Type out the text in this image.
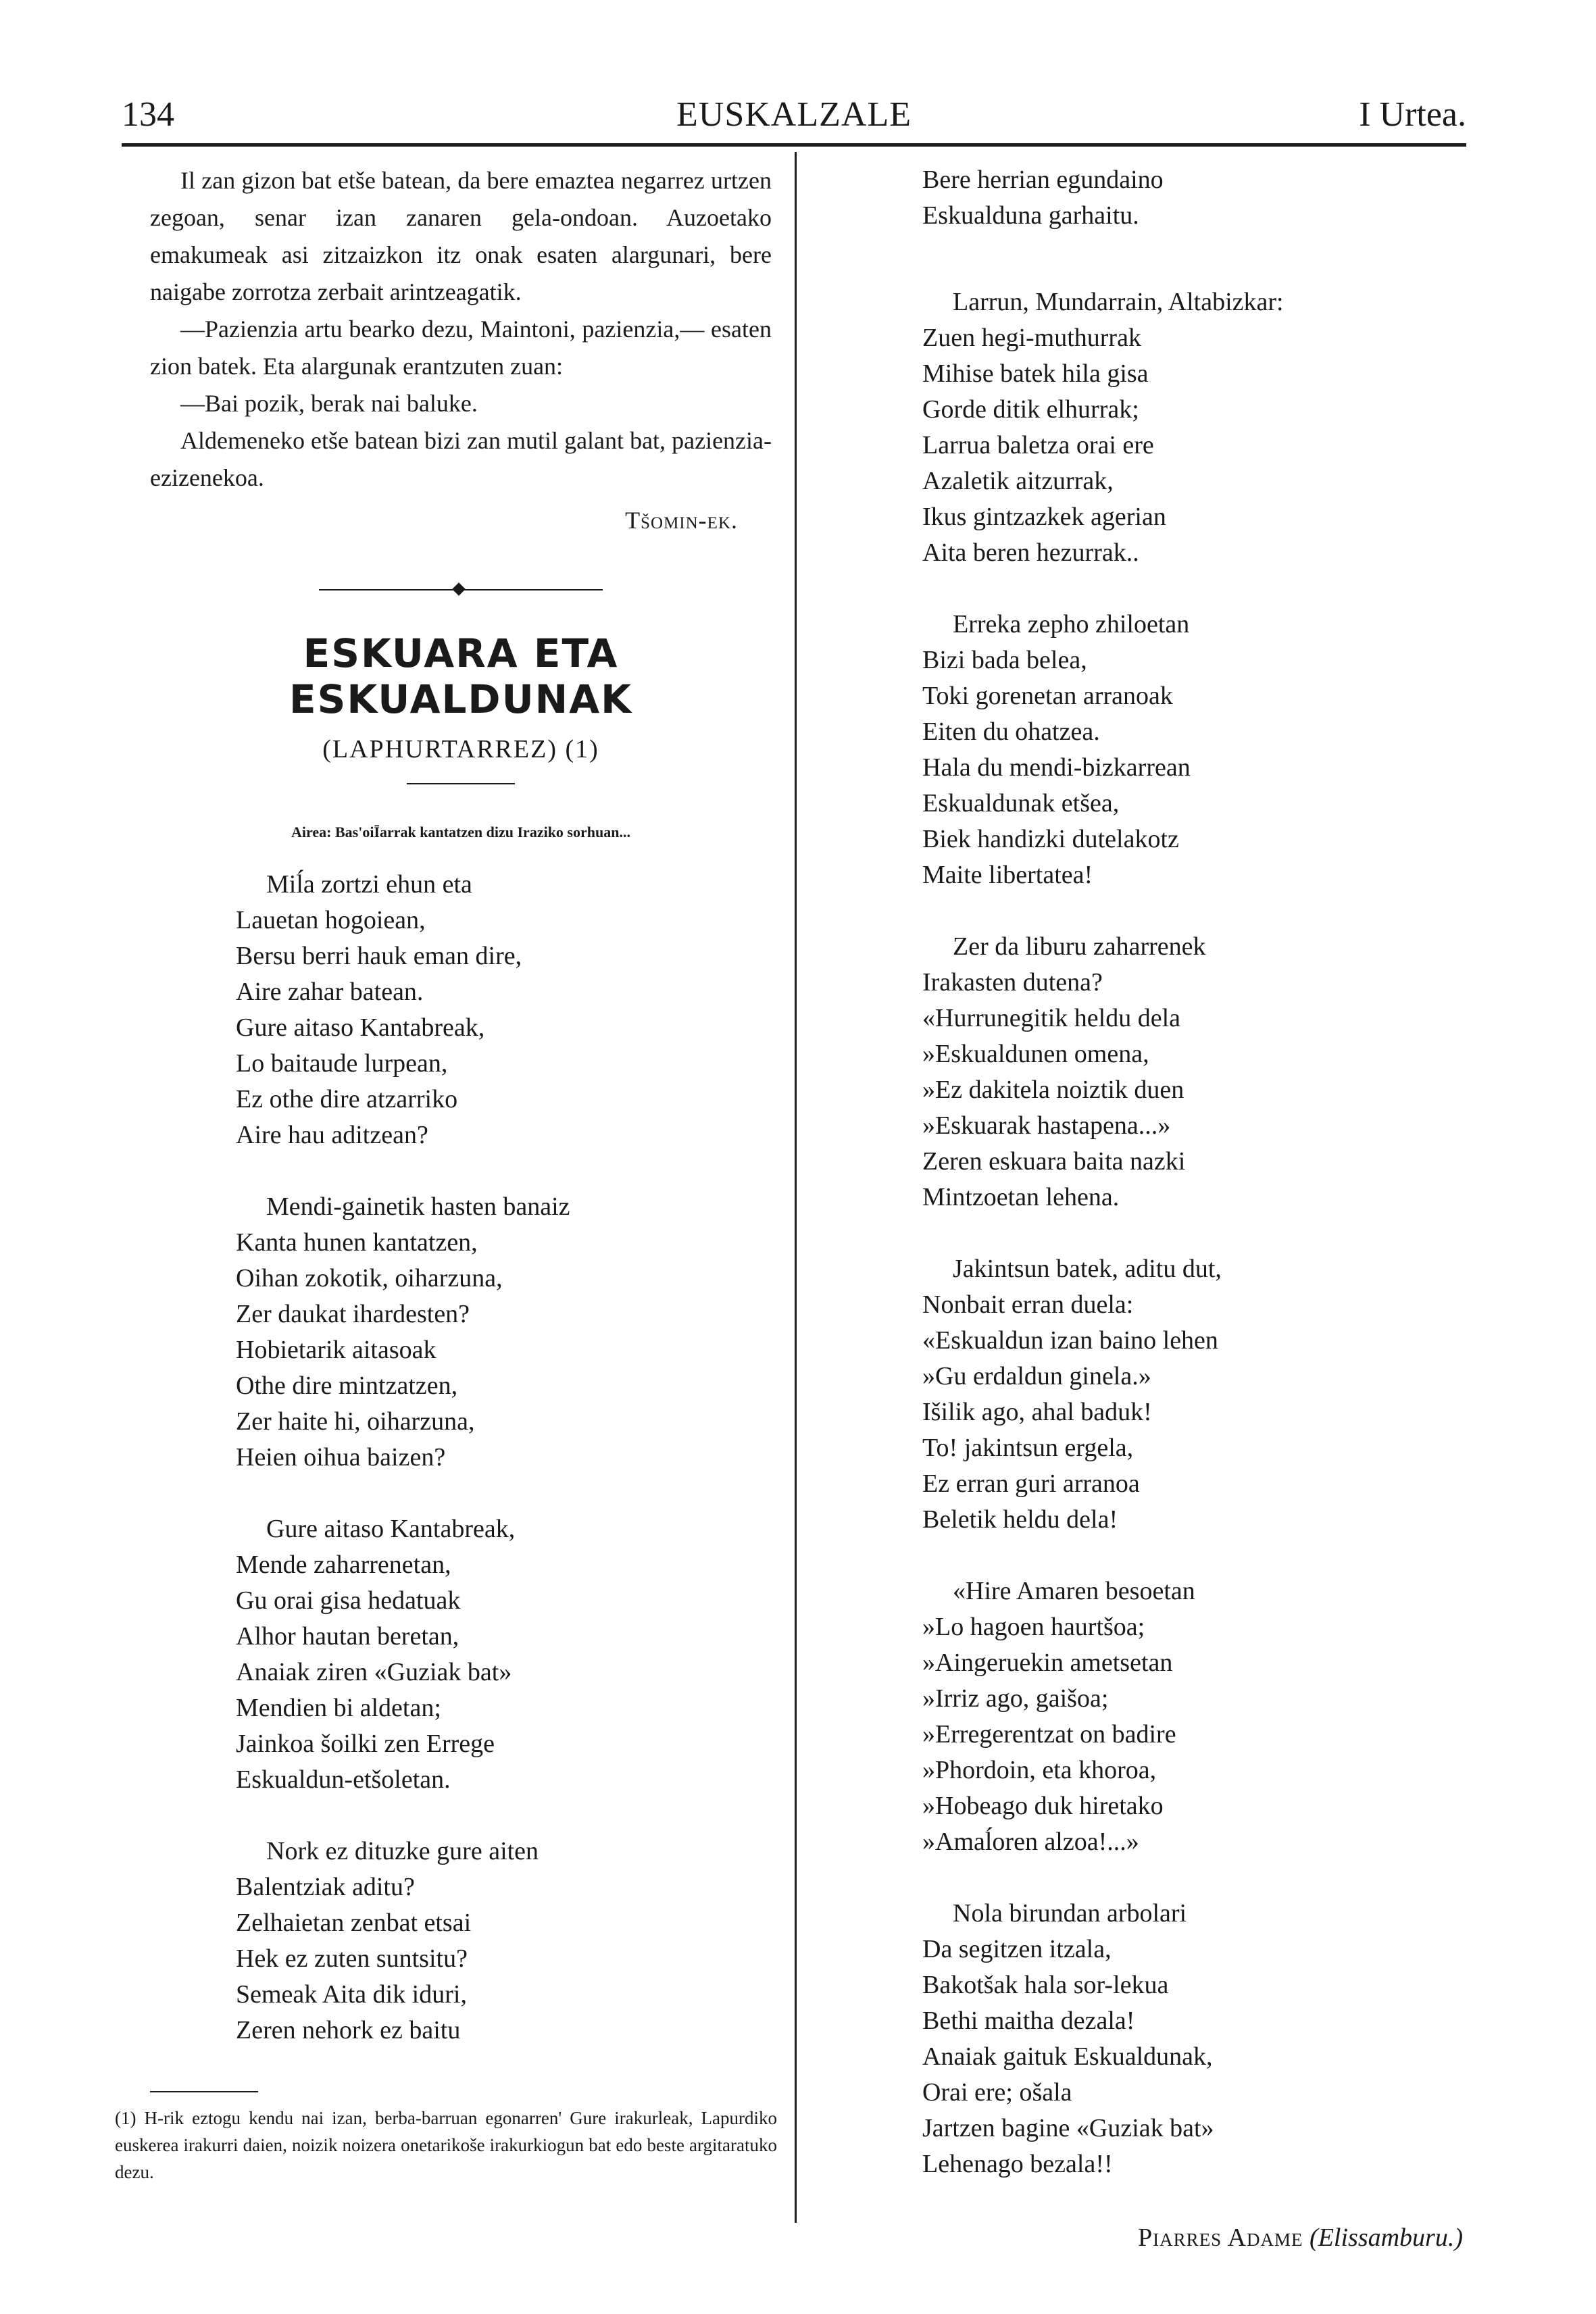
134	EUSKALZALE	I Urtea.

Il zan gizon bat etše batean, da bere emaztea negarrez urtzen zegoan, senar izan zanaren gela-ondoan. Auzoetako emakumeak asi zitzaizkon itz onak esaten alargunari, bere naigabe zorrotza zerbait arintzeagatik.

—Pazienzia artu bearko dezu, Maintoni, pazienzia,— esaten zion batek. Eta alargunak erantzuten zuan:

—Bai pozik, berak nai baluke.

Aldemeneko etše batean bizi zan mutil galant bat, pazienzia-ezizenekoa.

Tšomin-ek.
ESKUARA ETA ESKUALDUNAK
(LAPHURTARREZ) (1)
Airea: Bas'oiĪarrak kantatzen dizu Iraziko sorhuan...
Miĺa zortzi ehun eta
Lauetan hogoiean,
Bersu berri hauk eman dire,
Aire zahar batean.
Gure aitaso Kantabreak,
Lo baitaude lurpean,
Ez othe dire atzarriko
Aire hau aditzean?
Mendi-gainetik hasten banaiz
Kanta hunen kantatzen,
Oihan zokotik, oiharzuna,
Zer daukat ihardesten?
Hobietarik aitasoak
Othe dire mintzatzen,
Zer haite hi, oiharzuna,
Heien oihua baizen?
Gure aitaso Kantabreak,
Mende zaharrenetan,
Gu orai gisa hedatuak
Alhor hautan beretan,
Anaiak ziren «Guziak bat»
Mendien bi aldetan;
Jainkoa šoilki zen Errege
Eskualdun-etšoletan.
Nork ez dituzke gure aiten
Balentziak aditu?
Zelhaietan zenbat etsai
Hek ez zuten suntsitu?
Semeak Aita dik iduri,
Zeren nehork ez baitu
(1) H-rik eztogu kendu nai izan, berba-barruan egonarren' Gure irakurleak, Lapurdiko euskerea irakurri daien, noizik noizera onetarikoše irakurkiogun bat edo beste argitaratuko dezu.
Bere herrian egundaino
Eskualduna garhaitu.
Larrun, Mundarrain, Altabizkar:
Zuen hegi-muthurrak
Mihise batek hila gisa
Gorde ditik elhurrak;
Larrua baletza orai ere
Azaletik aitzurrak,
Ikus gintzazkek agerian
Aita beren hezurrak..
Erreka zepho zhiloetan
Bizi bada belea,
Toki gorenetan arranoak
Eiten du ohatzea.
Hala du mendi-bizkarrean
Eskualdunak etšea,
Biek handizki dutelakotz
Maite libertatea!
Zer da liburu zaharrenek
Irakasten dutena?
«Hurrunegitik heldu dela
»Eskualdunen omena,
»Ez dakitela noiztik duen
»Eskuarak hastapena...»
Zeren eskuara baita nazki
Mintzoetan lehena.
Jakintsun batek, aditu dut,
Nonbait erran duela:
«Eskualdun izan baino lehen
»Gu erdaldun ginela.»
Išilik ago, ahal baduk!
To! jakintsun ergela,
Ez erran guri arranoa
Beletik heldu dela!
«Hire Amaren besoetan
»Lo hagoen haurtšoa;
»Aingeruekin ametsetan
»Irriz ago, gaišoa;
»Erregerentzat on badire
»Phordoin, eta khoroa,
»Hobeago duk hiretako
»Amaĺoren alzoa!...»
Nola birundan arbolari
Da segitzen itzala,
Bakotšak hala sor-lekua
Bethi maitha dezala!
Anaiak gaituk Eskualdunak,
Orai ere; ošala
Jartzen bagine «Guziak bat»
Lehenago bezala!!
Piarres Adame (Elissamburu.)
